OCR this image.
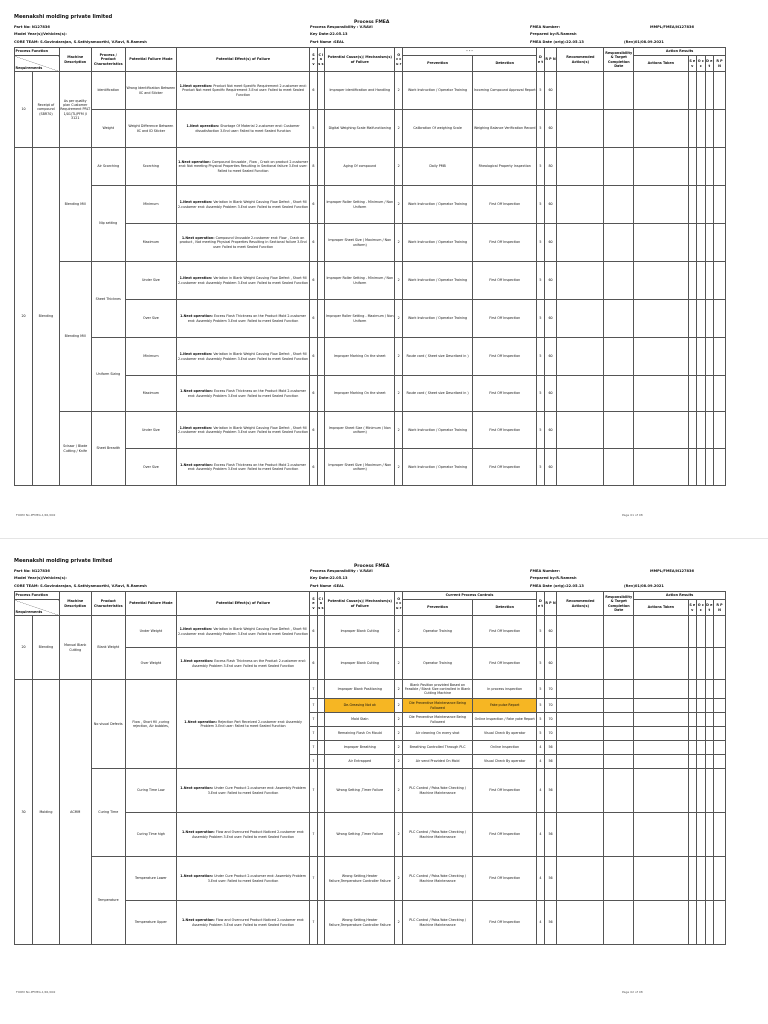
Meenakshi molding private limited
Process FMEA
Part No: N127836
Model Year(s)/Vehicles(s):
CORE TEAM: S.Govindarajan, S.Sathiyamoorthi, V.Ravi, R.Ramesh
Process Responsibility : V.RAVI
Key Date:22.05.13
Part Name :SEAL
FMEA Number:	MMPL/FMEA/N127836
Prepared by:R.Ramesh
FMEA Date (orig):22.05.13	(Rev)01/08.09.2021
Process Function		Machine Description	Process / Product Characteristics	Potential Failure Mode	Potential Effect(s) of Failure	S e v	C l a s s	Potential Cause(s)/ Mechanism(s) of Failure	O c c u r	- - -		D e t	R P N	Recommended Action(s)	Responsibility & Target Completion Date	Action Results				
Requirements										Prevention	Detection					Actions Taken	S e v	O c c	D e t	R P N

10	Receipt of compound (SBR70)	As per quality plan Customer Requirement PRLT 1/01/TL/PFM /I 3121	Identification	Wrong Identification Between IIC and Sticker	1.Next operation: Product Not meet Specific Requirement 2.customer end: Product Not meet Specific Requirement 3.End user: Failed to meet Sealed Function	6		Improper identification and Handling	2	Work Instruction / Operator Training	Incoming Compound Approval Report	5	60							
			Weight	Weight Difference Between IIC and ID Sticker	1.Next operation: Shortage Of Material 2.customer end: Customer dissatisfaction 3.End user: Failed to meet Sealed Function	5		Digital Weighing Scale Malfunctioning	2	Calibration Of weighing Scale	Weighing Balance Verification Record	5	60							
20	Blending	Blending Mill	Air Scorching	Scorching	1.Next operation: Compound Unusable , Flow , Crack on product 2.customer end: Not meeting Physical Properties Resulting in Sectional failure 3.End user: Failed to meet Sealed Function	8		Aging Of compound	2	Daily PMB	Rheological Property Inspection	5	80							
			Nip setting	Minimum	1.Next operation: Variation in Blank Weight Causing Flow Defect , Short fill 2.customer end: Assembly Problem 3.End user: Failed to meet Sealed Function	6		Improper Roller Setting - Minimum / Non Uniform	2	Work Instruction / Operator Training	First Off Inspection	5	60							
				Maximum	1.Next operation: Compound Unusable 2.customer end: Flow , Crack on product , Not meeting Physical Properties Resulting in Sectional failure 3.End user: Failed to meet Sealed Function	6		Improper Sheet Size ( Maximum / Non uniform)	2	Work Instruction / Operator Training	First Off Inspection	5	60							
		Blending Mill	Sheet Thicknes	Under Size	1.Next operation: Variation in Blank Weight Causing Flow Defect , Short fill 2.customer end: Assembly Problem 3.End user: Failed to meet Sealed Function	6		Improper Roller Setting - Minimum / Non Uniform	2	Work Instruction / Operator Training	First Off Inspection	5	60							
				Over Size	1.Next operation: Excess Flash Thickness on the Product Mold 2.customer end: Assembly Problem 3.End user: Failed to meet Sealed Function	6		Improper Roller Setting - Maximum / Non Uniform	2	Work Instruction / Operator Training	First Off Inspection	5	60							
			Uniform Sizing	Minimum	1.Next operation: Variation in Blank Weight Causing Flow Defect , Short fill 2.customer end: Assembly Problem 3.End user: Failed to meet Sealed Function	6		Improper Marking On the sheet	2	Route card ( Sheet size Described in )	First Off Inspection	5	60							
				Maximum	1.Next operation: Excess Flash Thickness on the Product Mold 2.customer end: Assembly Problem 3.End user: Failed to meet Sealed Function	6		Improper Marking On the sheet	2	Route card ( Sheet size Described in )	First Off Inspection	5	60							
		Scissor / Blade Cutting / Knife	Sheet Breadth	Under Size	1.Next operation: Variation in Blank Weight Causing Flow Defect , Short fill 2.customer end: Assembly Problem 3.End user: Failed to meet Sealed Function	6		Improper Sheet Size ( Minimum / Non uniform)	2	Work Instruction / Operator Training	First Off Inspection	5	60							
				Over Size	1.Next operation: Excess Flash Thickness on the Product Mold 2.customer end: Assembly Problem 3.End user: Failed to meet Sealed Function	6		Improper Sheet Size ( Maximum / Non uniform)	2	Work Instruction / Operator Training	First Off Inspection	5	60							
FORM No.PFMEA-1/R1/002	Page 01 of 08
Meenakshi molding private limited
Process FMEA
Part No: N127836
Model Year(s)/Vehicles(s):
CORE TEAM: S.Govindarajan, S.Sathiyamoorthi, V.Ravi, R.Ramesh
Process Responsibility : V.RAVI
Key Date:22.05.13
Part Name :SEAL
FMEA Number:	MMPL/FMEA/N127836
Prepared by:R.Ramesh
FMEA Date (orig):22.05.13	(Rev)01/08.09.2021
Process Function		Machine Description	Product Characteristics	Potential Failure Mode	Potential Effect(s) of Failure	S e v	C l a s s	Potential Cause(s)/ Mechanism(s) of Failure	O c c u r	Current Process Controls		D e t	R P N	Recommended Action(s)	Responsibility & Target Completion Date	Action Results				
Requirements										Prevention	Detection					Actions Taken	S e v	O c c	D e t	R P N

20	Blending	Manual Blank Cutting	Blank Weight	Under Weight	1.Next operation: Variation in Blank Weight Causing Flow Defect , Short fill 2.customer end: Assembly Problem 3.End user: Failed to meet Sealed Function	6		Improper Blank Cutting	2	Operator Training	First Off Inspection	5	60							
				Over Weight	1.Next operation: Excess Flash Thickness on the Product 2.customer end: Assembly Problem 3.End user: Failed to meet Sealed Function	6		Improper Blank Cutting	2	Operator Training	First Off Inspection	5	60							
30	Molding	ACMM	No visual Defects	Flow , Short fill ,curing rejection, Air bubbles,	1.Next operation: Rejection Part Received 2.customer end: Assembly Problem 3.End user: Failed to meet Sealed Function	7		Improper Blank Positioning	2	Blank Position provided Based on Feasible / Blank Size controlled in Blank Cutting Machine	In process inspection	5	70							
						7		De-Greasing Not ok	2	Die Preventive Maintenance Being Followed	Fake pulse Report	5	70							
						7		Mold Stain	2	Die Preventive Maintenance Being Followed	Online Inspection / Fake yoke Report	5	70							
						7		Remaining Flash On Mould	2	Air cleaning On every shot	Visual Check By operator	5	70							
						7		Improper Breathing	2	Breathing Controlled Through PLC	Online Inspection	4	56							
						7		Air Entrapped	2	Air vend Provided On Mold	Visual Check By operator	4	56							
			Curing Time	Curing Time Low	1.Next operation: Under Cure Product 2.customer end: Assembly Problem 3.End user: Failed to meet Sealed Function	7		Wrong Setting ,Timer Failure	2	PLC Control / Poka-Yoke Checking / Machine Maintenance	First Off Inspection	4	56							
				Curing Time high	1.Next operation: Flow and Overcured Product Noticed 2.customer end: Assembly Problem 3.End user: Failed to meet Sealed Function	7		Wrong Setting ,Timer Failure	2	PLC Control / Poka-Yoke Checking / Machine Maintenance	First Off Inspection	4	56							
			Temperature	Temperature Lower	1.Next operation: Under Cure Product 2.customer end: Assembly Problem 3.End user: Failed to meet Sealed Function	7		Wrong Setting,Heater Failure,Temperature Controller Failure	2	PLC Control / Poka-Yoke Checking / Machine Maintenance	First Off Inspection	4	56							
				Temperature Upper	1.Next operation: Flow and Overcured Product Noticed 2.customer end: Assembly Problem 3.End user: Failed to meet Sealed Function	7		Wrong Setting,Heater Failure,Temperature Controller Failure	2	PLC Control / Poka-Yoke Checking / Machine Maintenance	First Off Inspection	4	56							
FORM No.PFMEA-1/R1/002	Page 02 of 08
